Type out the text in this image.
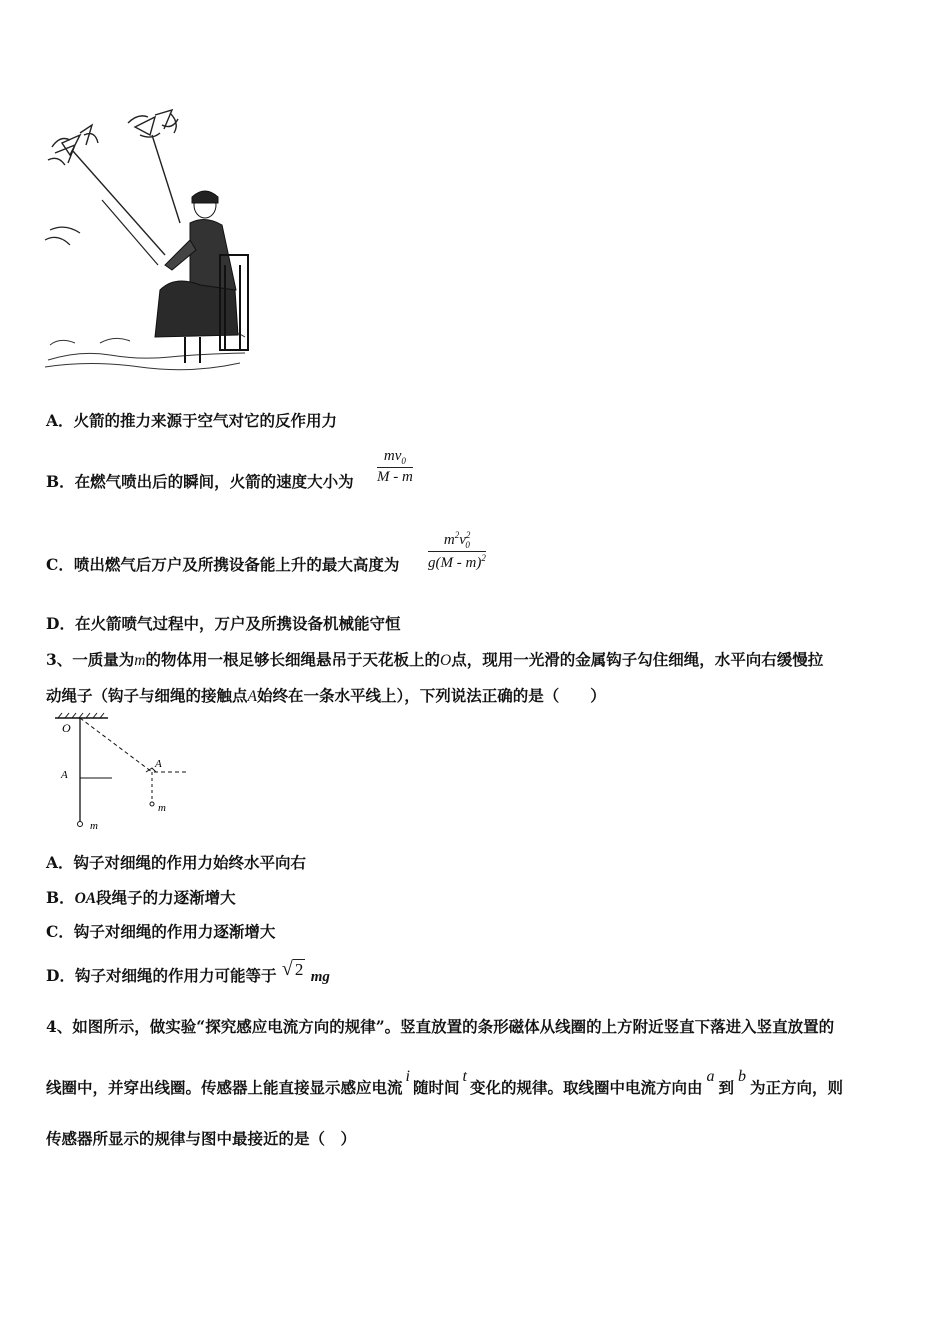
A．火箭的推力来源于空气对它的反作用力
B．在燃气喷出后的瞬间，火箭的速度大小为 $\frac{mv_0}{M - m}$
C．喷出燃气后万户及所携设备能上升的最大高度为 $\frac{m^2v^2_0}{g(M - m)^2}$
D．在火箭喷气过程中，万户及所携设备机械能守恒
3、一质量为m的物体用一根足够长细绳悬吊于天花板上的O点，现用一光滑的金属钩子勾住细绳，水平向右缓慢拉
动绳子（钩子与细绳的接触点A始终在一条水平线上），下列说法正确的是（　　）
O
A
A
m
m
A．钩子对细绳的作用力始终水平向右
B．OA段绳子的力逐渐增大
C．钩子对细绳的作用力逐渐增大
D．钩子对细绳的作用力可能等于 √ 2 mg
4、如图所示，做实验“探究感应电流方向的规律”。竖直放置的条形磁体从线圈的上方附近竖直下落进入竖直放置的
线圈中，并穿出线圈。传感器上能直接显示感应电流i随时间t变化的规律。取线圈中电流方向由a到b为正方向，则
传感器所显示的规律与图中最接近的是（　）
